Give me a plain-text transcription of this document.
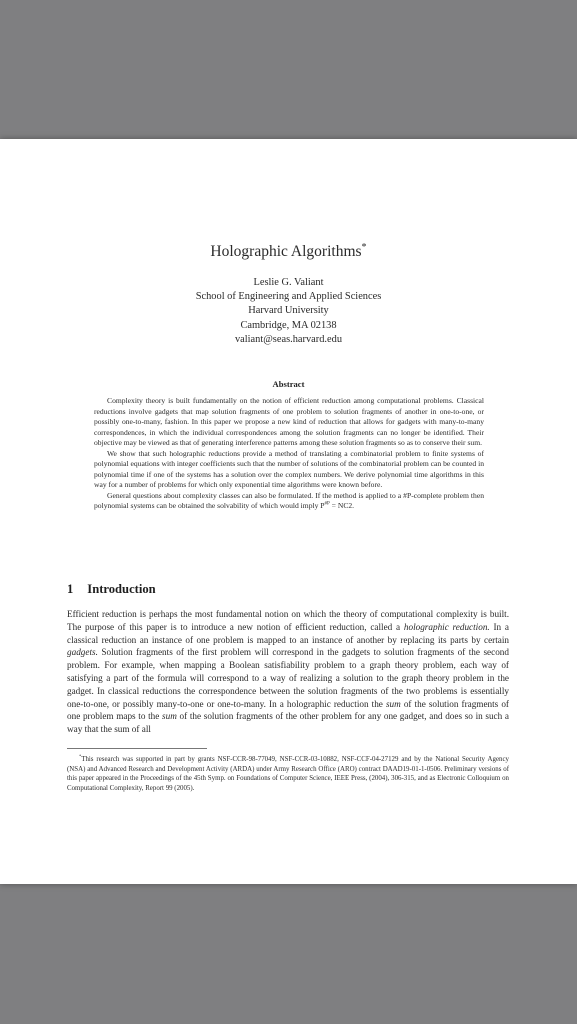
Holographic Algorithms*
Leslie G. Valiant
School of Engineering and Applied Sciences
Harvard University
Cambridge, MA 02138
valiant@seas.harvard.edu
Abstract

Complexity theory is built fundamentally on the notion of efficient reduction among computational problems. Classical reductions involve gadgets that map solution fragments of one problem to solution fragments of another in one-to-one, or possibly one-to-many, fashion. In this paper we propose a new kind of reduction that allows for gadgets with many-to-many correspondences, in which the individual correspondences among the solution fragments can no longer be identified. Their objective may be viewed as that of generating interference patterns among these solution fragments so as to conserve their sum.

We show that such holographic reductions provide a method of translating a combinatorial problem to finite systems of polynomial equations with integer coefficients such that the number of solutions of the combinatorial problem can be counted in polynomial time if one of the systems has a solution over the complex numbers. We derive polynomial time algorithms in this way for a number of problems for which only exponential time algorithms were known before.

General questions about complexity classes can also be formulated. If the method is applied to a #P-complete problem then polynomial systems can be obtained the solvability of which would imply $P^{\#P} = NC2$.

1 Introduction

Efficient reduction is perhaps the most fundamental notion on which the theory of computational complexity is built. The purpose of this paper is to introduce a new notion of efficient reduction, called a holographic reduction. In a classical reduction an instance of one problem is mapped to an instance of another by replacing its parts by certain gadgets. Solution fragments of the first problem will correspond in the gadgets to solution fragments of the second problem. For example, when mapping a Boolean satisfiability problem to a graph theory problem, each way of satisfying a part of the formula will correspond to a way of realizing a solution to the graph theory problem in the gadget. In classical reductions the correspondence between the solution fragments of the two problems is essentially one-to-one, or possibly many-to-one or one-to-many. In a holographic reduction the sum of the solution fragments of one problem maps to the sum of the solution fragments of the other problem for any one gadget, and does so in such a way that the sum of all

*This research was supported in part by grants NSF-CCR-98-77049, NSF-CCR-03-10882, NSF-CCF-04-27129 and by the National Security Agency (NSA) and Advanced Research and Development Activity (ARDA) under Army Research Office (ARO) contract DAAD19-01-1-0506. Preliminary versions of this paper appeared in the Proceedings of the 45th Symp. on Foundations of Computer Science, IEEE Press, (2004), 306-315, and as Electronic Colloquium on Computational Complexity, Report 99 (2005).
